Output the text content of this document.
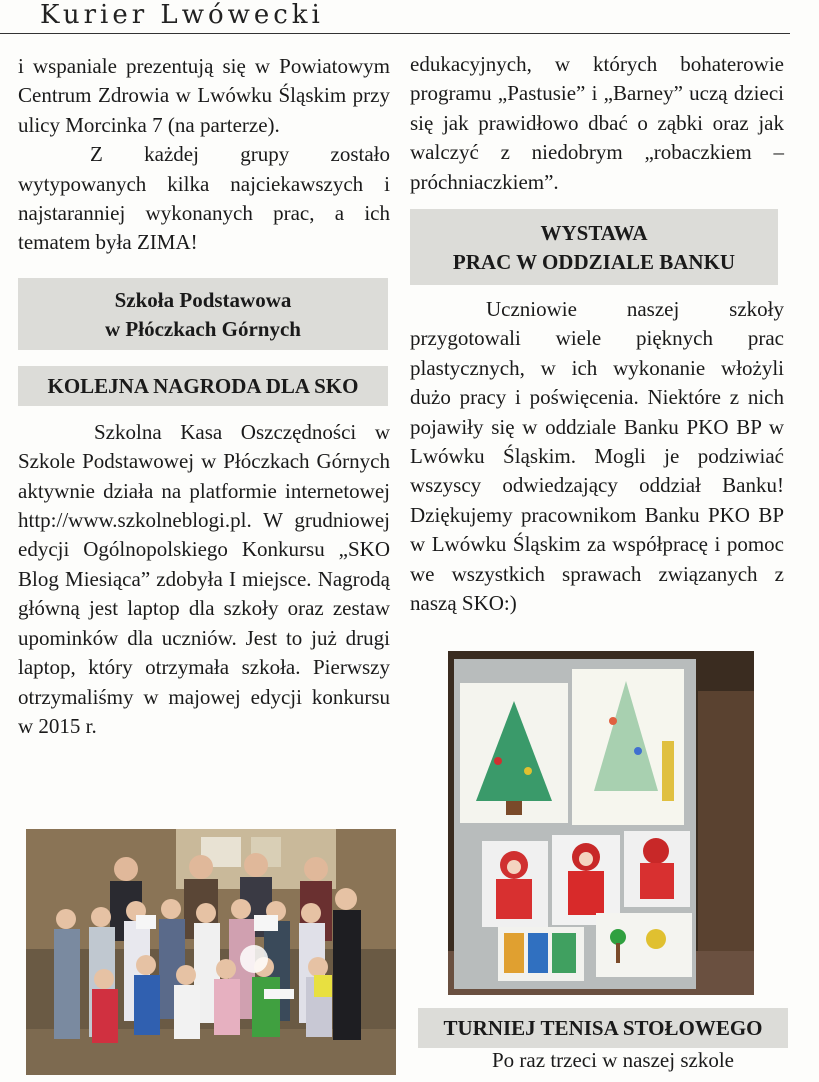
Kurier Lwówecki

i wspaniale prezentują się w Powiatowym Centrum Zdrowia w Lwówku Śląskim przy ulicy Morcinka 7 (na parterze).

Z każdej grupy zostało wytypowanych kilka najciekawszych i najstaranniej wykonanych prac, a ich tematem była ZIMA!

Szkoła Podstawowa
w Płóczkach Górnych
KOLEJNA NAGRODA DLA SKO

Szkolna Kasa Oszczędności w Szkole Podstawowej w Płóczkach Górnych aktywnie działa na platformie internetowej http://www.szkolneblogi.pl. W grudniowej edycji Ogólnopolskiego Konkursu „SKO Blog Miesiąca” zdobyła I miejsce. Nagrodą główną jest laptop dla szkoły oraz zestaw upominków dla uczniów. Jest to już drugi laptop, który otrzymała szkoła. Pierwszy otrzymaliśmy w majowej edycji konkursu w 2015 r.

edukacyjnych, w których bohaterowie programu „Pastusie” i „Barney” uczą dzieci się jak prawidłowo dbać o ząbki oraz jak walczyć z niedobrym „robaczkiem – próchniaczkiem”.

WYSTAWA
PRAC W ODDZIALE BANKU

Uczniowie naszej szkoły przygotowali wiele pięknych prac plastycznych, w ich wykonanie włożyli dużo pracy i poświęcenia. Niektóre z nich pojawiły się w oddziale Banku PKO BP w Lwówku Śląskim. Mogli je podziwiać wszyscy odwiedzający oddział Banku! Dziękujemy pracownikom Banku PKO BP w Lwówku Śląskim za współpracę i pomoc we wszystkich sprawach związanych z naszą SKO:)

TURNIEJ TENISA STOŁOWEGO

Po raz trzeci w naszej szkole
